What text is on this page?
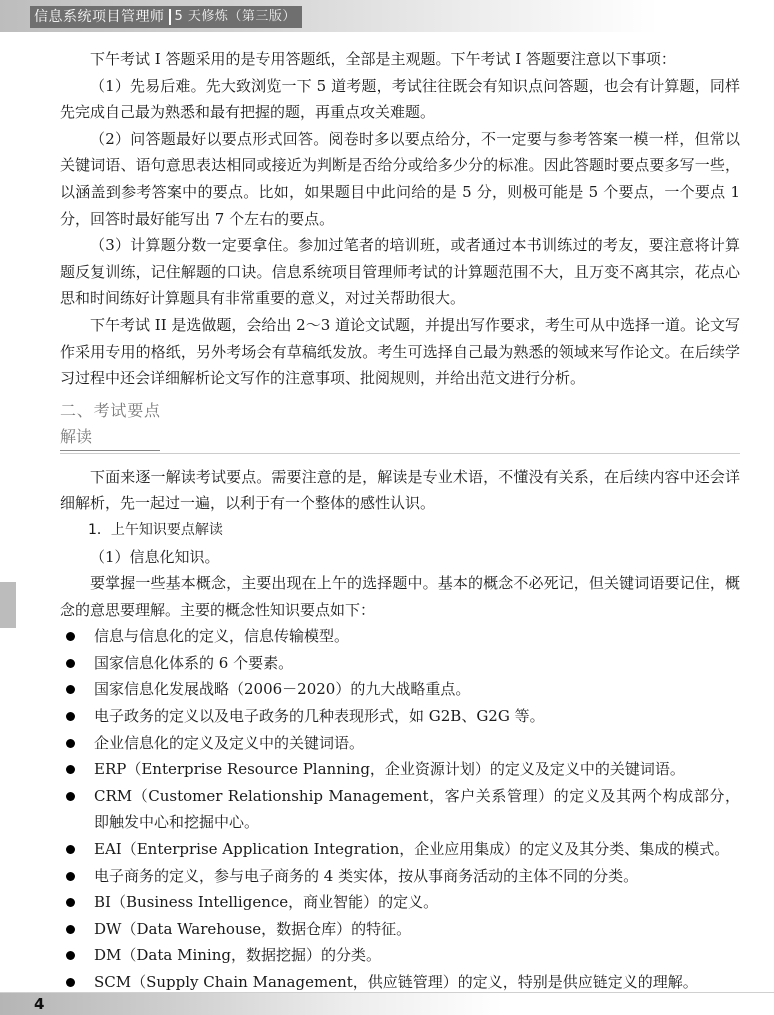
信息系统项目管理师 5 天修炼（第三版）

下午考试 I 答题采用的是专用答题纸，全部是主观题。下午考试 I 答题要注意以下事项：

（1）先易后难。先大致浏览一下 5 道考题，考试往往既会有知识点问答题，也会有计算题，同样先完成自己最为熟悉和最有把握的题，再重点攻关难题。

（2）问答题最好以要点形式回答。阅卷时多以要点给分，不一定要与参考答案一模一样，但常以关键词语、语句意思表达相同或接近为判断是否给分或给多少分的标准。因此答题时要点要多写一些，以涵盖到参考答案中的要点。比如，如果题目中此问给的是 5 分，则极可能是 5 个要点，一个要点 1 分，回答时最好能写出 7 个左右的要点。

（3）计算题分数一定要拿住。参加过笔者的培训班，或者通过本书训练过的考友，要注意将计算题反复训练，记住解题的口诀。信息系统项目管理师考试的计算题范围不大，且万变不离其宗，花点心思和时间练好计算题具有非常重要的意义，对过关帮助很大。

下午考试 II 是选做题，会给出 2～3 道论文试题，并提出写作要求，考生可从中选择一道。论文写作采用专用的格纸，另外考场会有草稿纸发放。考生可选择自己最为熟悉的领域来写作论文。在后续学习过程中还会详细解析论文写作的注意事项、批阅规则，并给出范文进行分析。

二、考试要点解读

下面来逐一解读考试要点。需要注意的是，解读是专业术语，不懂没有关系，在后续内容中还会详细解析，先一起过一遍，以利于有一个整体的感性认识。

1．上午知识要点解读

（1）信息化知识。

要掌握一些基本概念，主要出现在上午的选择题中。基本的概念不必死记，但关键词语要记住，概念的意思要理解。主要的概念性知识要点如下：

信息与信息化的定义，信息传输模型。
国家信息化体系的 6 个要素。
国家信息化发展战略（2006－2020）的九大战略重点。
电子政务的定义以及电子政务的几种表现形式，如 G2B、G2G 等。
企业信息化的定义及定义中的关键词语。
ERP（Enterprise Resource Planning，企业资源计划）的定义及定义中的关键词语。
CRM（Customer Relationship Management，客户关系管理）的定义及其两个构成部分，即触发中心和挖掘中心。
EAI（Enterprise Application Integration，企业应用集成）的定义及其分类、集成的模式。
电子商务的定义，参与电子商务的 4 类实体，按从事商务活动的主体不同的分类。
BI（Business Intelligence，商业智能）的定义。
DW（Data Warehouse，数据仓库）的特征。
DM（Data Mining，数据挖掘）的分类。
SCM（Supply Chain Management，供应链管理）的定义，特别是供应链定义的理解。
4
